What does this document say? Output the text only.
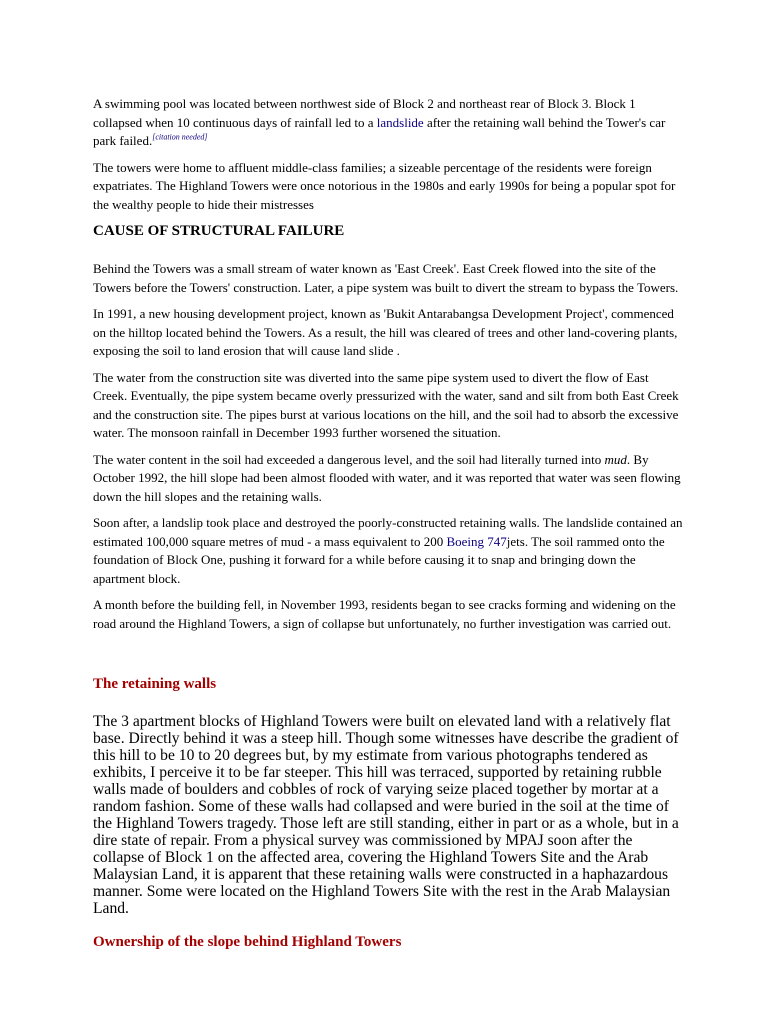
A swimming pool was located between northwest side of Block 2 and northeast rear of Block 3. Block 1 collapsed when 10 continuous days of rainfall led to a landslide after the retaining wall behind the Tower's car park failed.[citation needed]

The towers were home to affluent middle-class families; a sizeable percentage of the residents were foreign expatriates. The Highland Towers were once notorious in the 1980s and early 1990s for being a popular spot for the wealthy people to hide their mistresses

CAUSE OF STRUCTURAL FAILURE

Behind the Towers was a small stream of water known as 'East Creek'. East Creek flowed into the site of the Towers before the Towers' construction. Later, a pipe system was built to divert the stream to bypass the Towers.

In 1991, a new housing development project, known as 'Bukit Antarabangsa Development Project', commenced on the hilltop located behind the Towers. As a result, the hill was cleared of trees and other land-covering plants, exposing the soil to land erosion that will cause land slide .

The water from the construction site was diverted into the same pipe system used to divert the flow of East Creek. Eventually, the pipe system became overly pressurized with the water, sand and silt from both East Creek and the construction site. The pipes burst at various locations on the hill, and the soil had to absorb the excessive water. The monsoon rainfall in December 1993 further worsened the situation.

The water content in the soil had exceeded a dangerous level, and the soil had literally turned into mud. By October 1992, the hill slope had been almost flooded with water, and it was reported that water was seen flowing down the hill slopes and the retaining walls.

Soon after, a landslip took place and destroyed the poorly-constructed retaining walls. The landslide contained an estimated 100,000 square metres of mud - a mass equivalent to 200 Boeing 747jets. The soil rammed onto the foundation of Block One, pushing it forward for a while before causing it to snap and bringing down the apartment block.

A month before the building fell, in November 1993, residents began to see cracks forming and widening on the road around the Highland Towers, a sign of collapse but unfortunately, no further investigation was carried out.

The retaining walls

The 3 apartment blocks of Highland Towers were built on elevated land with a relatively flat base. Directly behind it was a steep hill. Though some witnesses have describe the gradient of this hill to be 10 to 20 degrees but, by my estimate from various photographs tendered as exhibits, I perceive it to be far steeper. This hill was terraced, supported by retaining rubble walls made of boulders and cobbles of rock of varying seize placed together by mortar at a random fashion. Some of these walls had collapsed and were buried in the soil at the time of the Highland Towers tragedy. Those left are still standing, either in part or as a whole, but in a dire state of repair. From a physical survey was commissioned by MPAJ soon after the collapse of Block 1 on the affected area, covering the Highland Towers Site and the Arab Malaysian Land, it is apparent that these retaining walls were constructed in a haphazardous manner. Some were located on the Highland Towers Site with the rest in the Arab Malaysian Land.

Ownership of the slope behind Highland Towers
